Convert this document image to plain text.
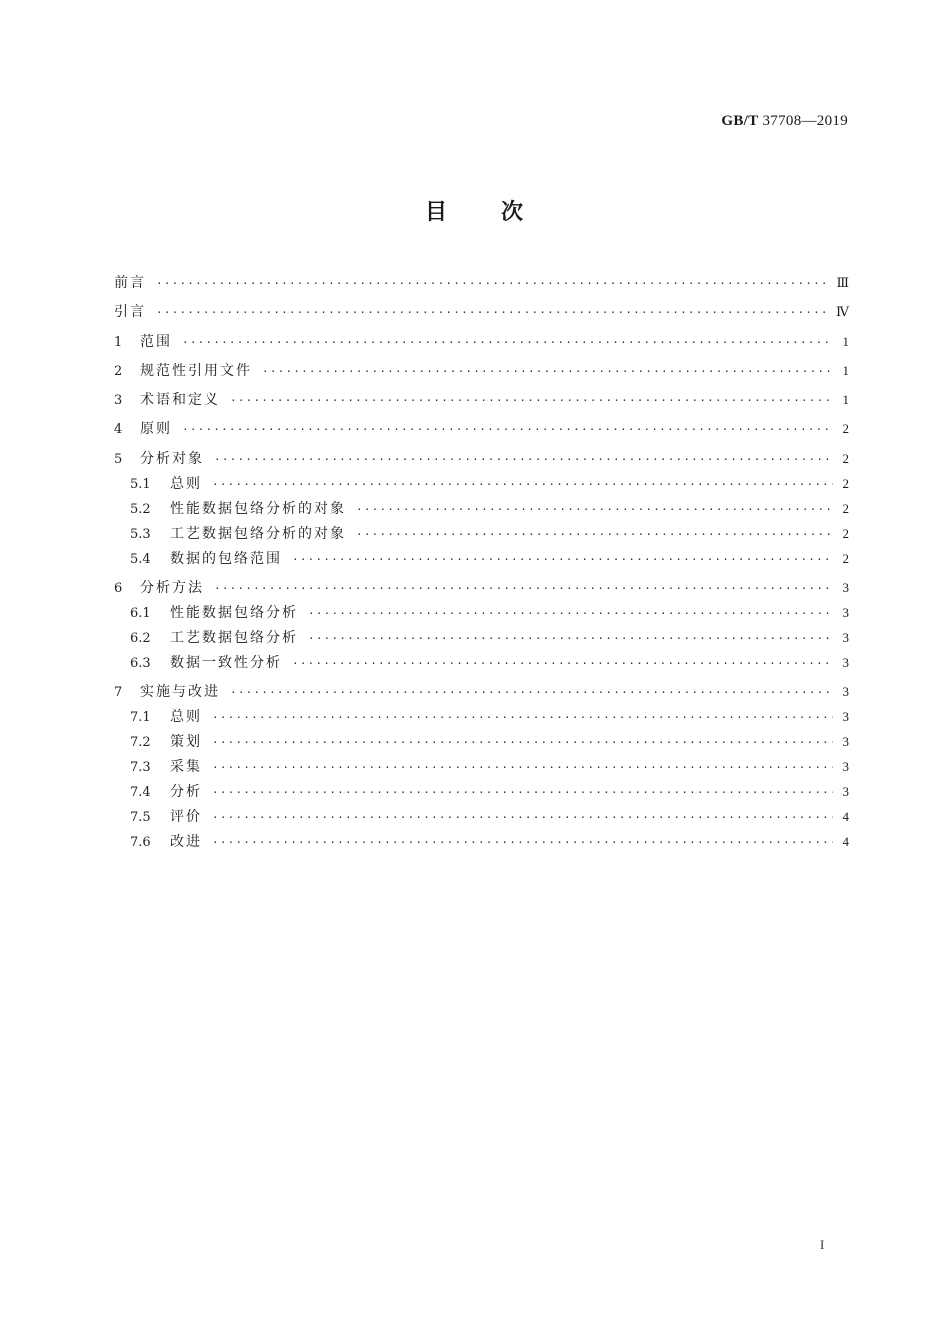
GB/T 37708—2019
目 次
前言 ·····	Ⅲ
引言 ·····	Ⅳ
1	范围 ·····	1
2	规范性引用文件 ·····	1
3	术语和定义 ·····	1
4	原则 ·····	2
5	分析对象 ·····	2
5.1	总则 ·····	2
5.2	性能数据包络分析的对象 ·····	2
5.3	工艺数据包络分析的对象 ·····	2
5.4	数据的包络范围 ·····	2
6	分析方法 ·····	3
6.1	性能数据包络分析 ·····	3
6.2	工艺数据包络分析 ·····	3
6.3	数据一致性分析 ·····	3
7	实施与改进 ·····	3
7.1	总则 ·····	3
7.2	策划 ·····	3
7.3	采集 ·····	3
7.4	分析 ·····	3
7.5	评价 ·····	4
7.6	改进 ·····	4
I
